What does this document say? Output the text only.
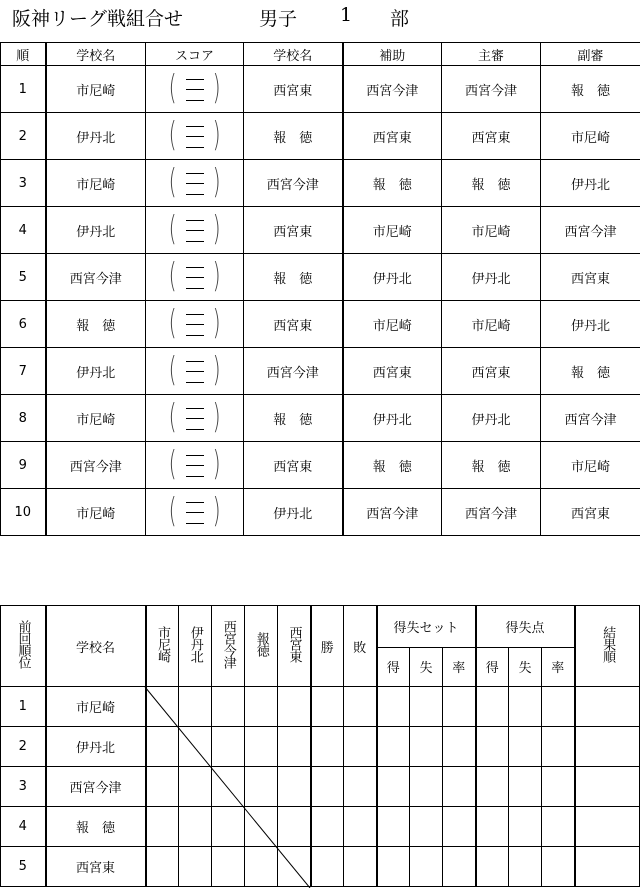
阪神リーグ戦組合せ	男子 1 部
順	学校名	スコア	学校名	補助	主審	副審
1	市尼崎	( )	西宮東	西宮今津	西宮今津	報　徳
2	伊丹北	( )	報　徳	西宮東	西宮東	市尼崎
3	市尼崎	( )	西宮今津	報　徳	報　徳	伊丹北
4	伊丹北	( )	西宮東	市尼崎	市尼崎	西宮今津
5	西宮今津	( )	報　徳	伊丹北	伊丹北	西宮東
6	報　徳	( )	西宮東	市尼崎	市尼崎	伊丹北
7	伊丹北	( )	西宮今津	西宮東	西宮東	報　徳
8	市尼崎	( )	報　徳	伊丹北	伊丹北	西宮今津
9	西宮今津	( )	西宮東	報　徳	報　徳	市尼崎
10	市尼崎	( )	伊丹北	西宮今津	西宮今津	西宮東
前回順位	学校名	市尼崎	伊丹北	西宮今津	報徳	西宮東	勝	敗	得失セット			得失点			結果順
									得	失	率	得	失	率	
1	市尼崎														
2	伊丹北														
3	西宮今津														
4	報　徳														
5	西宮東														
